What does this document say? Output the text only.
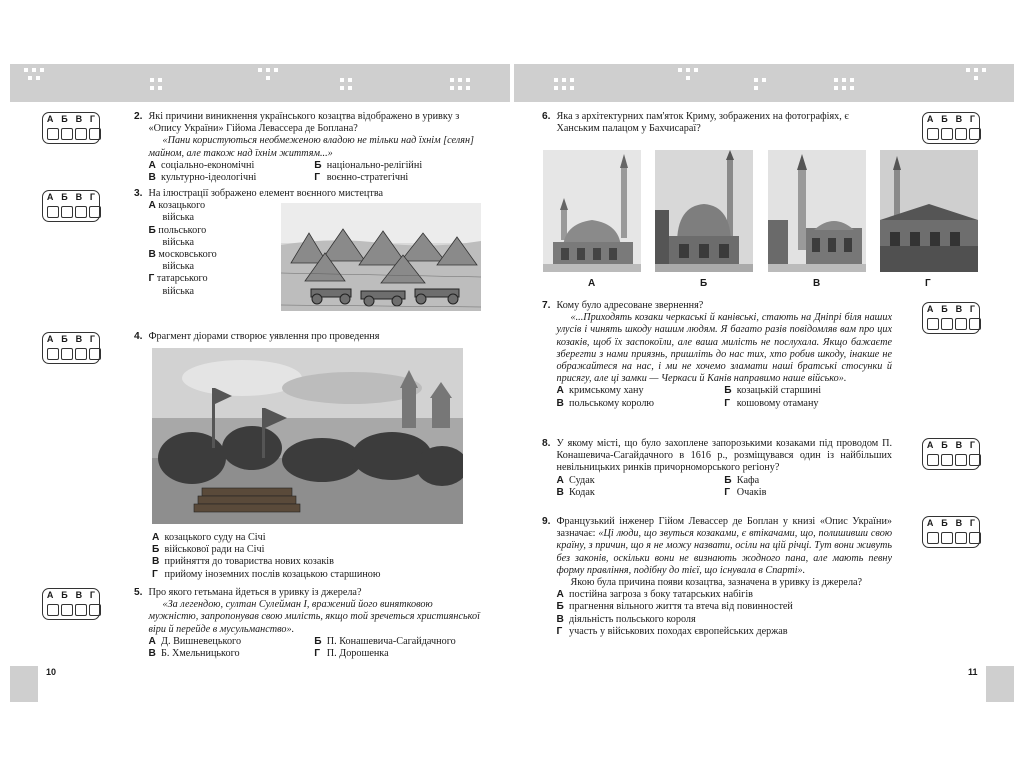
10	11
А Б В Г
А Б В Г
А Б В Г
А Б В Г
А Б В Г
А Б В Г
А Б В Г
А Б В Г
2. Які причини виникнення українського козацтва відображено в уривку з «Опису України» Гійома Левассера де Боплана?

«Пани користуються необмеженою владою не тільки над їхнім [селян] майном, але також над їхнім життям...»

А
соціально-економічні	Б
національно-релігійні
В
культурно-ідеологічні	Г
воєнно-стратегічні
3. На ілюстрації зображено елемент воєнного мистецтва

А козацького
війська
Б польського
війська
В московського
війська
Г татарського
війська
4. Фрагмент діорами створює уявлення про проведення

А
козацького суду на Січі
Б
військової ради на Січі
В
прийняття до товариства нових козаків
Г
прийому іноземних послів козацькою старшиною
5. Про якого гетьмана йдеться в уривку із джерела?

«За легендою, султан Сулейман I, вражений його винятковою мужністю, запропонував свою милість, якщо той зречеться християнської віри й перейде в мусульманство».

А
Д. Вишневецького	Б
П. Конашевича-Сагайдачного
В
Б. Хмельницького	Г
П. Дорошенка
6. Яка з архітектурних пам'яток Криму, зображених на фотографіях, є Ханським палацом у Бахчисараї?

А	Б	В	Г
7. Кому було адресоване звернення?

«...Приходять козаки черкаські й канівські, стають на Дніпрі біля наших улусів і чинять шкоду нашим людям. Я багато разів повідомляв вам про цих козаків, щоб їх заспокоїли, але ваша милість не послухала. Якщо бажаєте зберегти з нами приязнь, пришліть до нас тих, хто робив шкоду, інакше не ображайтеся на нас, і ми не хочемо зламати наші братські стосунки й присягу, але ці замки — Черкаси й Канів направимо наше військо».

А
кримському хану	Б
козацькій старшині
В
польському королю	Г
кошовому отаману
8. У якому місті, що було захоплене запорозькими козаками під проводом П. Конашевича-Сагайдачного в 1616 р., розміщувався один із найбільших невільницьких ринків причорноморського регіону?

А
Судак	Б
Кафа
В
Кодак	Г
Очаків
9. Французький інженер Гійом Левассер де Боплан у книзі «Опис України» зазначає: «Ці люди, що звуться козаками, є втікачами, що, полишивши свою країну, з причин, що я не можу назвати, осіли на цій річці. Тут вони живуть без законів, оскільки вони не визнають жодного пана, але мають певну форму правління, подібну до тієї, що існувала в Спарті».

Якою була причина появи козацтва, зазначена в уривку із джерела?

А
постійна загроза з боку татарських набігів
Б
прагнення вільного життя та втеча від повинностей
В
діяльність польського короля
Г
участь у військових походах європейських держав
